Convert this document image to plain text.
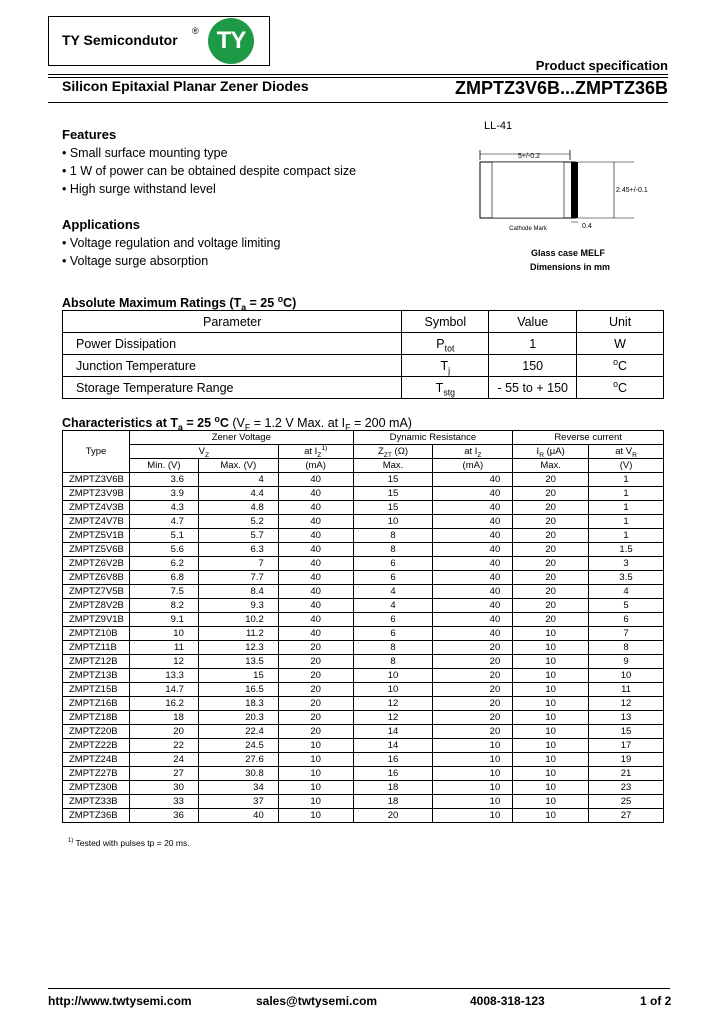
TY Semicondutor
® TY
Product specification
Silicon Epitaxial Planar Zener Diodes	ZMPTZ3V6B...ZMPTZ36B
Features
• Small surface mounting type
• 1 W of power can be obtained despite compact size
• High surge withstand level
Applications
• Voltage regulation and voltage limiting
• Voltage surge absorption
LL-41
5+/-0.2
2.45+/-0.1
0.4
Cathode Mark
Glass case MELF
Dimensions in mm
Absolute Maximum Ratings ($T_a = 25$ $^o$C)
Parameter	Symbol	Value	Unit
Power Dissipation	$P_{tot}$	1	W
Junction Temperature	$T_j$	150	$^o$C
Storage Temperature Range	$T_{stg}$	- 55 to + 150	$^o$C
Characteristics at $T_a = 25$ $^o$C ($V_F = 1.2$ V Max. at $I_F = 200$ mA)
Type	Zener Voltage			Dynamic Resistance		Reverse current	
	$V_Z$		at $I_Z^{1)}$	$Z_{ZT}$ (Ω)	at $I_Z$	$I_R$ (μA)	at $V_R$
	Min. (V)	Max. (V)	(mA)	Max.	(mA)	Max.	(V)
ZMPTZ3V6B	3.6	4	40	15	40	20	1
ZMPTZ3V9B	3.9	4.4	40	15	40	20	1
ZMPTZ4V3B	4.3	4.8	40	15	40	20	1
ZMPTZ4V7B	4.7	5.2	40	10	40	20	1
ZMPTZ5V1B	5.1	5.7	40	8	40	20	1
ZMPTZ5V6B	5.6	6.3	40	8	40	20	1.5
ZMPTZ6V2B	6.2	7	40	6	40	20	3
ZMPTZ6V8B	6.8	7.7	40	6	40	20	3.5
ZMPTZ7V5B	7.5	8.4	40	4	40	20	4
ZMPTZ8V2B	8.2	9.3	40	4	40	20	5
ZMPTZ9V1B	9.1	10.2	40	6	40	20	6
ZMPTZ10B	10	11.2	40	6	40	10	7
ZMPTZ11B	11	12.3	20	8	20	10	8
ZMPTZ12B	12	13.5	20	8	20	10	9
ZMPTZ13B	13.3	15	20	10	20	10	10
ZMPTZ15B	14.7	16.5	20	10	20	10	11
ZMPTZ16B	16.2	18.3	20	12	20	10	12
ZMPTZ18B	18	20.3	20	12	20	10	13
ZMPTZ20B	20	22.4	20	14	20	10	15
ZMPTZ22B	22	24.5	10	14	10	10	17
ZMPTZ24B	24	27.6	10	16	10	10	19
ZMPTZ27B	27	30.8	10	16	10	10	21
ZMPTZ30B	30	34	10	18	10	10	23
ZMPTZ33B	33	37	10	18	10	10	25
ZMPTZ36B	36	40	10	20	10	10	27
$^{1)}$ Tested with pulses tp = 20 ms.
http://www.twtysemi.com	sales@twtysemi.com	4008-318-123	1 of 2
